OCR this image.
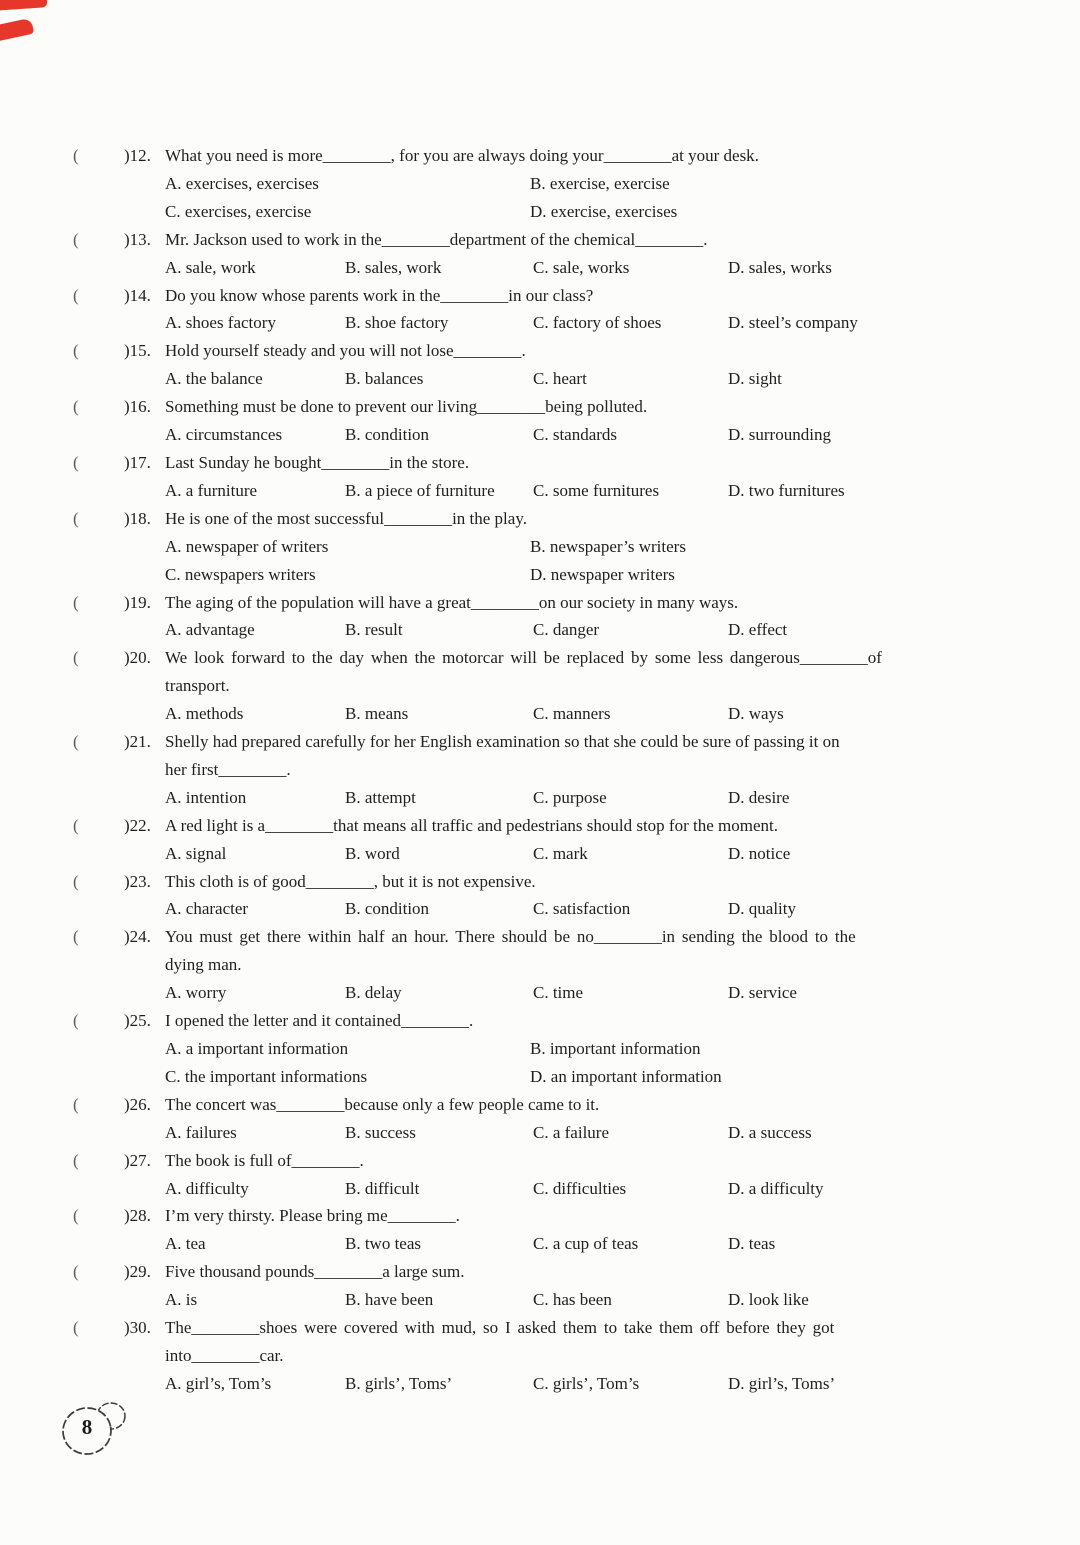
(	)12. What you need is more________, for you are always doing your________at your desk.
A. exercises, exercises	B. exercise, exercise
C. exercises, exercise	D. exercise, exercises
(	)13. Mr. Jackson used to work in the________department of the chemical________.
A. sale, work	B. sales, work	C. sale, works	D. sales, works
(	)14. Do you know whose parents work in the________in our class?
A. shoes factory	B. shoe factory	C. factory of shoes	D. steel’s company
(	)15. Hold yourself steady and you will not lose________.
A. the balance	B. balances	C. heart	D. sight
(	)16. Something must be done to prevent our living________being polluted.
A. circumstances	B. condition	C. standards	D. surrounding
(	)17. Last Sunday he bought________in the store.
A. a furniture	B. a piece of furniture	C. some furnitures	D. two furnitures
(	)18. He is one of the most successful________in the play.
A. newspaper of writers	B. newspaper’s writers
C. newspapers writers	D. newspaper writers
(	)19. The aging of the population will have a great________on our society in many ways.
A. advantage	B. result	C. danger	D. effect
(	)20. We look forward to the day when the motorcar will be replaced by some less dangerous________of
transport.
A. methods	B. means	C. manners	D. ways
(	)21. Shelly had prepared carefully for her English examination so that she could be sure of passing it on
her first________.
A. intention	B. attempt	C. purpose	D. desire
(	)22. A red light is a________that means all traffic and pedestrians should stop for the moment.
A. signal	B. word	C. mark	D. notice
(	)23. This cloth is of good________, but it is not expensive.
A. character	B. condition	C. satisfaction	D. quality
(	)24. You must get there within half an hour. There should be no________in sending the blood to the
dying man.
A. worry	B. delay	C. time	D. service
(	)25. I opened the letter and it contained________.
A. a important information	B. important information
C. the important informations	D. an important information
(	)26. The concert was________because only a few people came to it.
A. failures	B. success	C. a failure	D. a success
(	)27. The book is full of________.
A. difficulty	B. difficult	C. difficulties	D. a difficulty
(	)28. I’m very thirsty. Please bring me________.
A. tea	B. two teas	C. a cup of teas	D. teas
(	)29. Five thousand pounds________a large sum.
A. is	B. have been	C. has been	D. look like
(	)30. The________shoes were covered with mud, so I asked them to take them off before they got
into________car.
A. girl’s, Tom’s	B. girls’, Toms’	C. girls’, Tom’s	D. girl’s, Toms’
8
